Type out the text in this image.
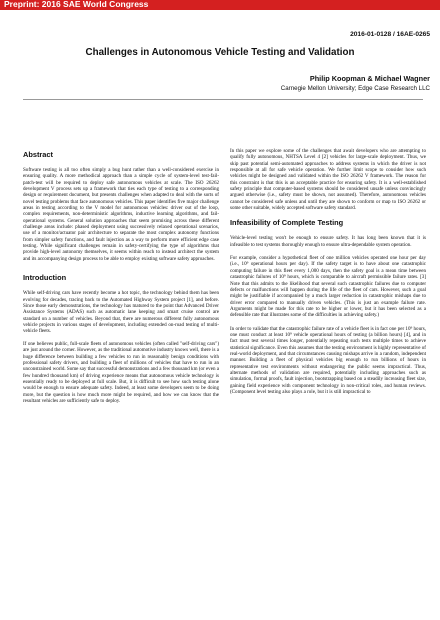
Preprint: 2016 SAE World Congress
2016-01-0128 / 16AE-0265
Challenges in Autonomous Vehicle Testing and Validation
Philip Koopman & Michael Wagner
Carnegie Mellon University; Edge Case Research LLC
Abstract

Software testing is all too often simply a bug hunt rather than a well-considered exercise in ensuring quality. A more methodical approach than a simple cycle of system-level test-fail-patch-test will be required to deploy safe autonomous vehicles at scale. The ISO 26262 development V process sets up a framework that ties each type of testing to a corresponding design or requirement document, but presents challenges when adapted to deal with the sorts of novel testing problems that face autonomous vehicles. This paper identifies five major challenge areas in testing according to the V model for autonomous vehicles: driver out of the loop, complex requirements, non-deterministic algorithms, inductive learning algorithms, and fail-operational systems. General solution approaches that seem promising across these different challenge areas include: phased deployment using successively relaxed operational scenarios, use of a monitor/actuator pair architecture to separate the most complex autonomy functions from simpler safety functions, and fault injection as a way to perform more efficient edge case testing. While significant challenges remain in safety-certifying the type of algorithms that provide high-level autonomy themselves, it seems within reach to instead architect the system and its accompanying design process to be able to employ existing software safety approaches.

Introduction

While self-driving cars have recently become a hot topic, the technology behind them has been evolving for decades, tracing back to the Automated Highway System project [1], and before. Since those early demonstrations, the technology has matured to the point that Advanced Driver Assistance Systems (ADAS) such as automatic lane keeping and smart cruise control are standard on a number of vehicles. Beyond that, there are numerous different fully autonomous vehicle projects in various stages of development, including extended on-road testing of multi-vehicle fleets.

If one believes public, full-scale fleets of autonomous vehicles (often called "self-driving cars") are just around the corner. However, as the traditional automotive industry knows well, there is a huge difference between building a few vehicles to run in reasonably benign conditions with professional safety drivers, and building a fleet of millions of vehicles that have to run in an unconstrained world. Some say that successful demonstrations and a few thousand km (or even a few hundred thousand km) of driving experience means that autonomous vehicle technology is essentially ready to be deployed at full scale. But, it is difficult to see how such testing alone would be enough to ensure adequate safety. Indeed, at least some developers seem to be doing more, but the question is how much more might be required, and how we can know that the resultant vehicles are sufficiently safe to deploy.

In this paper we explore some of the challenges that await developers who are attempting to qualify fully autonomous, NHTSA Level 4 [2] vehicles for large-scale deployment. Thus, we skip past potential semi-automated approaches to address systems in which the driver is not responsible at all for safe vehicle operation. We further limit scope to consider how such vehicles might be designed and validated within the ISO 26262 V framework. The reason for this constraint is that this is an acceptable practice for ensuring safety. It is a well-established safety principle that computer-based systems should be considered unsafe unless convincingly argued otherwise (i.e., safety must be shown, not assumed). Therefore, autonomous vehicles cannot be considered safe unless and until they are shown to conform or map to ISO 26262 or some other suitable, widely accepted software safety standard.

Infeasibility of Complete Testing

Vehicle-level testing won't be enough to ensure safety. It has long been known that it is infeasible to test systems thoroughly enough to ensure ultra-dependable system operation.

For example, consider a hypothetical fleet of one million vehicles operated one hour per day (i.e., 10⁹ operational hours per day). If the safety target is to have about one catastrophic computing failure in this fleet every 1,000 days, then the safety goal is a mean time between catastrophic failures of 10⁹ hours, which is comparable to aircraft permissible failure rates. [3] Note that this admits to the likelihood that several such catastrophic failures due to computer defects or malfunctions will happen during the life of the fleet of cars. However, such a goal might be justifiable if accompanied by a much larger reduction in catastrophic mishaps due to driver error compared to manually driven vehicles. (This is just an example failure rate. Arguments might be made for this rate to be higher or lower, but it has been selected as a defensible rate that illustrates some of the difficulties in achieving safety.)

In order to validate that the catastrophic failure rate of a vehicle fleet is in fact one per 10⁹ hours, one must conduct at least 10⁹ vehicle operational hours of testing (a billion hours) [4], and in fact must test several times longer, potentially repeating such tests multiple times to achieve statistical significance. Even this assumes that the testing environment is highly representative of real-world deployment, and that circumstances causing mishaps arrive in a random, independent manner. Building a fleet of physical vehicles big enough to run billions of hours in representative test environments without endangering the public seems impractical. Thus, alternate methods of validation are required, potentially including approaches such as simulation, formal proofs, fault injection, bootstrapping based on a steadily increasing fleet size, gaining field experience with component technology in non-critical roles, and human reviews. (Component level testing also plays a role, but it is still impractical to
